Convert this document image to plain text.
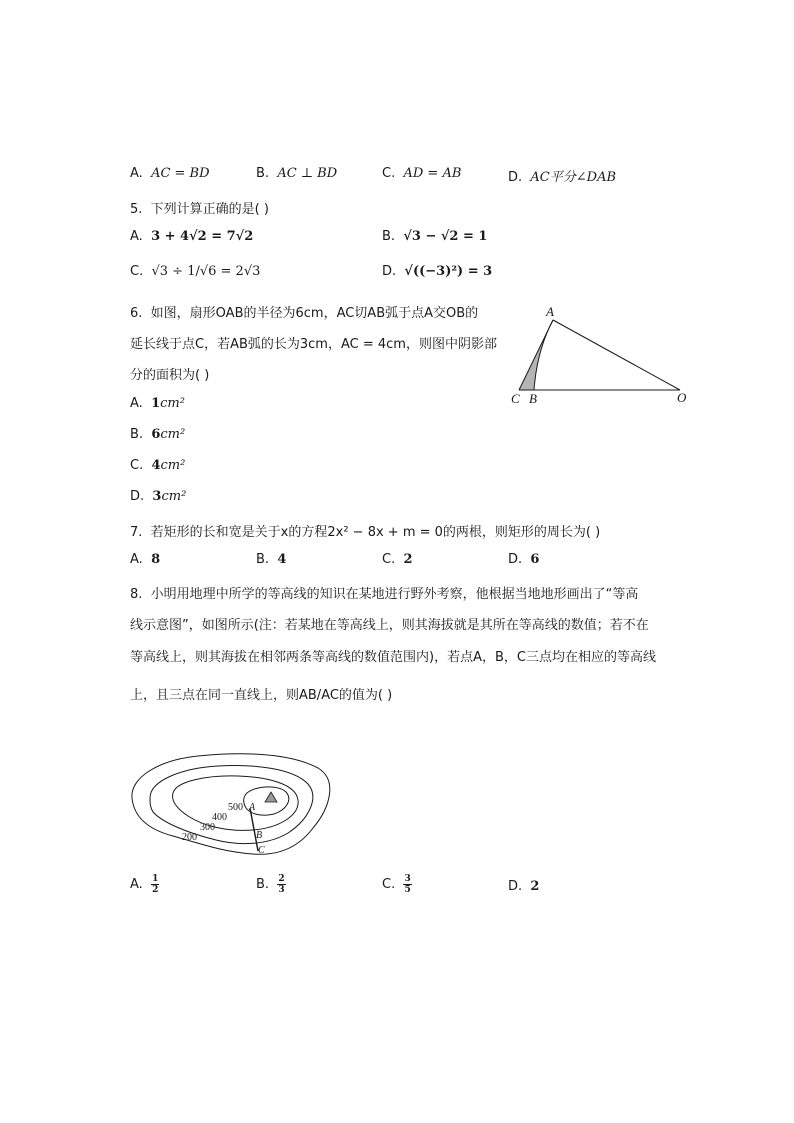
A. AC = BD	B. AC ⊥ BD	C. AD = AB	D. AC平分∠DAB
5. 下列计算正确的是( )
A. 3 + 4√2 = 7√2	B. √3 − √2 = 1
C. √3 ÷ 1/√6 = 2√3	D. √((−3)²) = 3
6. 如图，扇形OAB的半径为6cm，AC切AB弧于点A交OB的
延长线于点C，若AB弧的长为3cm，AC = 4cm，则图中阴影部
分的面积为( )
A. 1cm²
B. 6cm²
C. 4cm²
D. 3cm²
A
C B	O
7. 若矩形的长和宽是关于x的方程2x² − 8x + m = 0的两根，则矩形的周长为( )
A. 8	B. 4	C. 2	D. 6
8. 小明用地理中所学的等高线的知识在某地进行野外考察，他根据当地地形画出了“等高
线示意图”，如图所示(注：若某地在等高线上，则其海拔就是其所在等高线的数值；若不在
等高线上，则其海拔在相邻两条等高线的数值范围内)，若点A，B，C三点均在相应的等高线
上，且三点在同一直线上，则AB/AC的值为( )
500
400
300
200
A
B
C
A. $\frac{1}{2}$	B. $\frac{2}{3}$	C. $\frac{3}{5}$	D. 2
